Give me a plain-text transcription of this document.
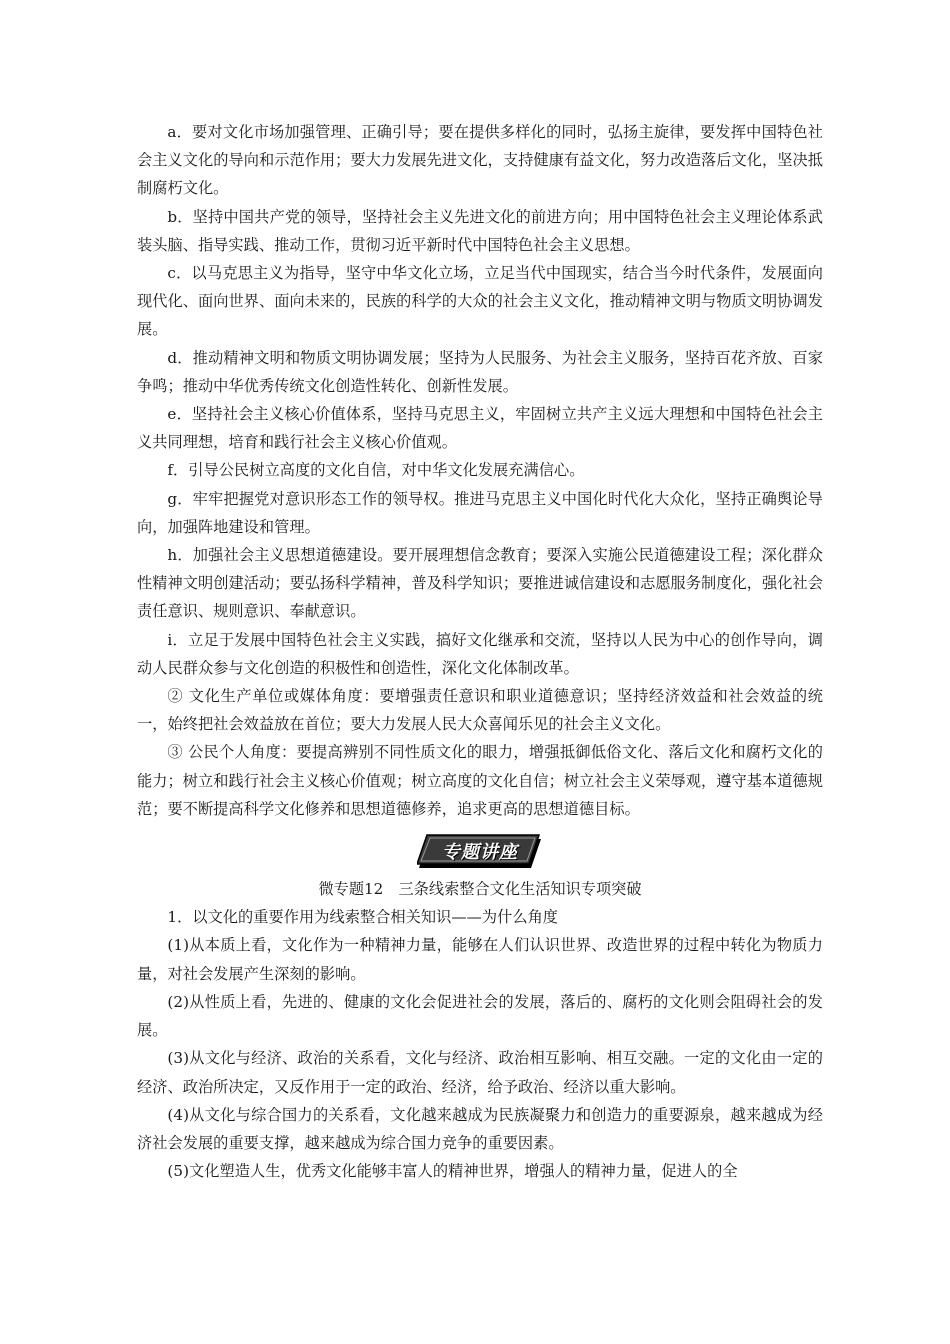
a．要对文化市场加强管理、正确引导；要在提供多样化的同时，弘扬主旋律，要发挥中国特色社会主义文化的导向和示范作用；要大力发展先进文化，支持健康有益文化，努力改造落后文化，坚决抵制腐朽文化。

b．坚持中国共产党的领导，坚持社会主义先进文化的前进方向；用中国特色社会主义理论体系武装头脑、指导实践、推动工作，贯彻习近平新时代中国特色社会主义思想。

c．以马克思主义为指导，坚守中华文化立场，立足当代中国现实，结合当今时代条件，发展面向现代化、面向世界、面向未来的，民族的科学的大众的社会主义文化，推动精神文明与物质文明协调发展。

d．推动精神文明和物质文明协调发展；坚持为人民服务、为社会主义服务，坚持百花齐放、百家争鸣；推动中华优秀传统文化创造性转化、创新性发展。

e．坚持社会主义核心价值体系，坚持马克思主义，牢固树立共产主义远大理想和中国特色社会主义共同理想，培育和践行社会主义核心价值观。

f．引导公民树立高度的文化自信，对中华文化发展充满信心。

g．牢牢把握党对意识形态工作的领导权。推进马克思主义中国化时代化大众化，坚持正确舆论导向，加强阵地建设和管理。

h．加强社会主义思想道德建设。要开展理想信念教育；要深入实施公民道德建设工程；深化群众性精神文明创建活动；要弘扬科学精神，普及科学知识；要推进诚信建设和志愿服务制度化，强化社会责任意识、规则意识、奉献意识。

i．立足于发展中国特色社会主义实践，搞好文化继承和交流，坚持以人民为中心的创作导向，调动人民群众参与文化创造的积极性和创造性，深化文化体制改革。

② 文化生产单位或媒体角度：要增强责任意识和职业道德意识；坚持经济效益和社会效益的统一，始终把社会效益放在首位；要大力发展人民大众喜闻乐见的社会主义文化。

③ 公民个人角度：要提高辨别不同性质文化的眼力，增强抵御低俗文化、落后文化和腐朽文化的能力；树立和践行社会主义核心价值观；树立高度的文化自信；树立社会主义荣辱观，遵守基本道德规范；要不断提高科学文化修养和思想道德修养，追求更高的思想道德目标。

专题讲座

微专题12　三条线索整合文化生活知识专项突破

1．以文化的重要作用为线索整合相关知识——为什么角度

(1)从本质上看，文化作为一种精神力量，能够在人们认识世界、改造世界的过程中转化为物质力量，对社会发展产生深刻的影响。

(2)从性质上看，先进的、健康的文化会促进社会的发展，落后的、腐朽的文化则会阻碍社会的发展。

(3)从文化与经济、政治的关系看，文化与经济、政治相互影响、相互交融。一定的文化由一定的经济、政治所决定，又反作用于一定的政治、经济，给予政治、经济以重大影响。

(4)从文化与综合国力的关系看，文化越来越成为民族凝聚力和创造力的重要源泉，越来越成为经济社会发展的重要支撑，越来越成为综合国力竞争的重要因素。

(5)文化塑造人生，优秀文化能够丰富人的精神世界，增强人的精神力量，促进人的全
